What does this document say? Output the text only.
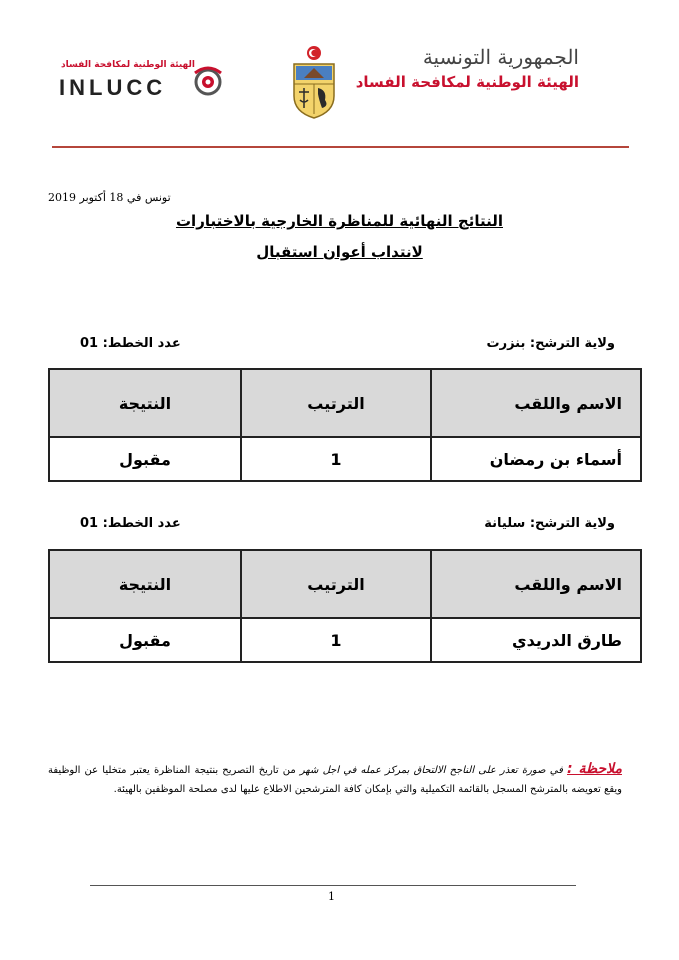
الجمهورية التونسية
الهيئة الوطنية لمكافحة الفساد
الهيئة الوطنية لمكافحة الفساد
INLUCC
تونس في 18 أكتوبر 2019
النتائج النهائية للمناظرة الخارجية بالاختبارات
لانتداب أعوان استقبال
ولاية الترشح: بنزرت
عدد الخطط: 01
الاسم واللقب	الترتيب	النتيجة
أسماء بن رمضان	1	مقبول
ولاية الترشح: سليانة
عدد الخطط: 01
الاسم واللقب	الترتيب	النتيجة
طارق الدريدي	1	مقبول
ملاحظة : في صورة تعذر على الناجح الالتحاق بمركز عمله في اجل شهر من تاريخ التصريح بنتيجة المناظرة يعتبر متخليا عن الوظيفة ويقع تعويضه بالمترشح المسجل بالقائمة التكميلية والتي بإمكان كافة المترشحين الاطلاع عليها لدى مصلحة الموظفين بالهيئة.
1
